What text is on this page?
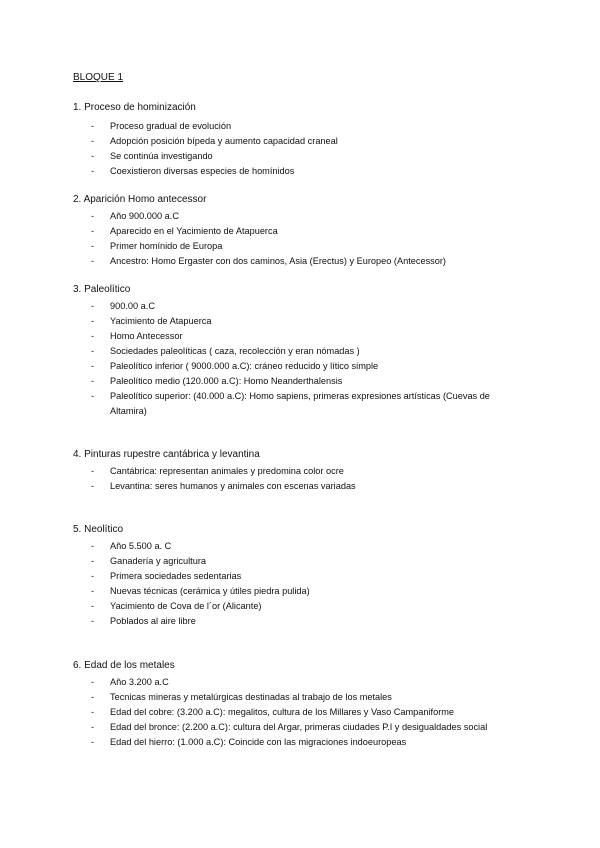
BLOQUE 1
1. Proceso de hominización
- Proceso gradual de evolución
- Adopción posición bípeda y aumento capacidad craneal
- Se continúa investigando
- Coexistieron diversas especies de homínidos
2. Aparición Homo antecessor
- Año 900.000 a.C
- Aparecido en el Yacimiento de Atapuerca
- Primer homínido de Europa
- Ancestro: Homo Ergaster con dos caminos, Asia (Erectus) y Europeo (Antecessor)
3. Paleolítico
- 900.00 a.C
- Yacimiento de Atapuerca
- Homo Antecessor
- Sociedades paleolíticas ( caza, recolección y eran nómadas )
- Paleolítico inferior ( 9000.000 a.C): cráneo reducido y lítico simple
- Paleolítico medio (120.000 a.C): Homo Neanderthalensis
- Paleolítico superior: (40.000 a.C): Homo sapiens, primeras expresiones artísticas (Cuevas de Altamira)
4. Pinturas rupestre cantábrica y levantina
- Cantábrica: representan animales y predomina color ocre
- Levantina: seres humanos y animales con escenas variadas
5. Neolítico
- Año 5.500 a. C
- Ganadería y agricultura
- Primera sociedades sedentarias
- Nuevas técnicas (cerámica y útiles piedra pulida)
- Yacimiento de Cova de l´or (Alicante)
- Poblados al aire libre
6. Edad de los metales
- Año 3.200 a.C
- Tecnicas mineras y metalúrgicas destinadas al trabajo de los metales
- Edad del cobre: (3.200 a.C): megalitos, cultura de los Millares y Vaso Campaniforme
- Edad del bronce: (2.200 a.C): cultura del Argar, primeras ciudades P.I y desigualdades social
- Edad del hierro: (1.000 a.C): Coincide con las migraciones indoeuropeas
